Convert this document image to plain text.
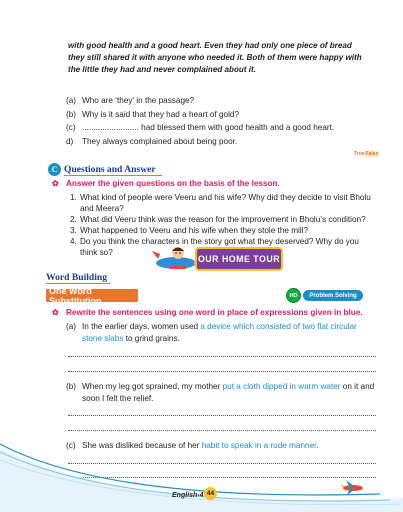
with good health and a good heart. Even they had only one piece of bread they still shared it with anyone who needed it. Both of them were happy with the little they had and never complained about it.

(a) Who are ‘they’ in the passage?
(b) Why is it said that they had a heart of gold?
(c) ......................... had blessed them with good health and a good heart.
d)	They always complained about being poor.
TrueFalse
C Questions and Answer
✿ Answer the given questions on the basis of the lesson.
1. What kind of people were Veeru and his wife? Why did they decide to visit Bholu and Meera?
2. What did Veeru think was the reason for the improvement in Bholu’s condition?
3. What happened to Veeru and his wife when they stole the mill?
4. Do you think the characters in the story got what they deserved? Why do you think so?
OUR HOME TOUR
Word Building
One Word Substitution	HD	Problem Solving
✿ Rewrite the sentences using one word in place of expressions given in blue.
(a) In the earlier days, women used a device which consisted of two flat circular stone slabs to grind grains.
(b) When my leg got sprained, my mother put a cloth dipped in warm water on it and soon I felt the relief.
(c) She was disliked because of her habit to speak in a rude manner.
English-4 44
